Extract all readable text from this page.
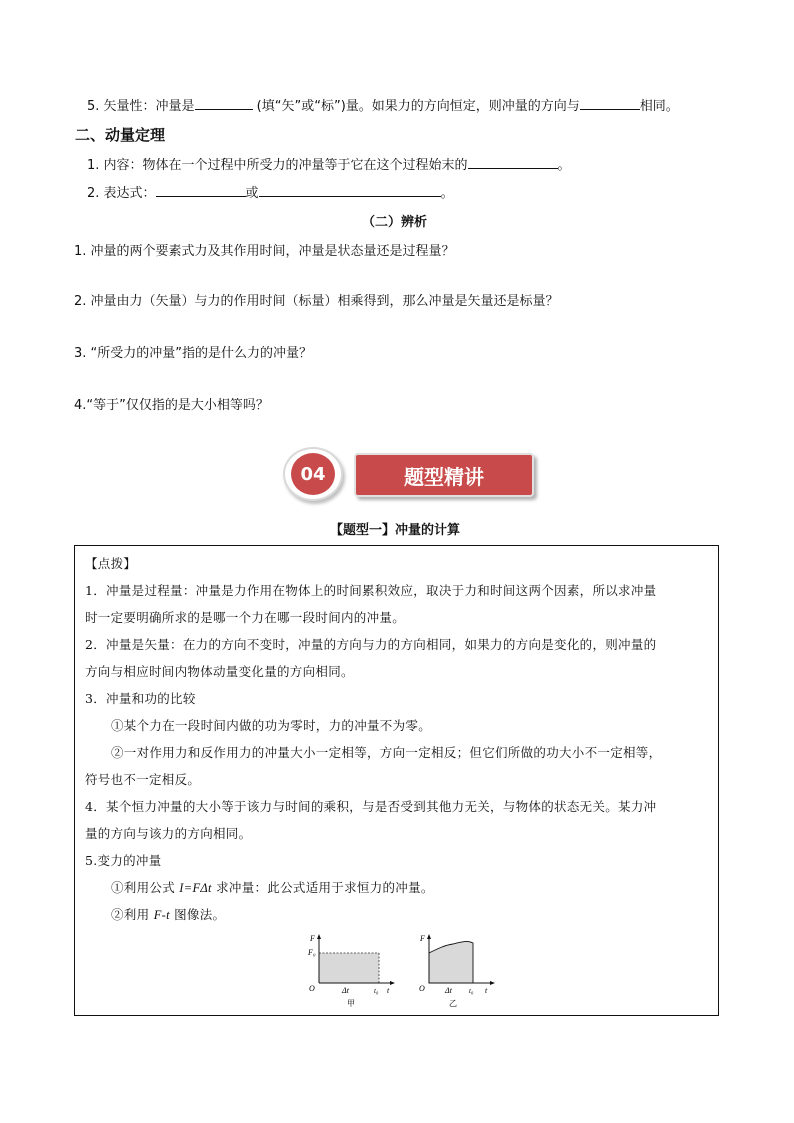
5. 矢量性：冲量是	(填“矢”或“标”)量。如果力的方向恒定，则冲量的方向与	相同。
二、动量定理
1. 内容：物体在一个过程中所受力的冲量等于它在这个过程始末的	。
2. 表达式：	或	。
（二）辨析
1. 冲量的两个要素式力及其作用时间，冲量是状态量还是过程量？
2. 冲量由力（矢量）与力的作用时间（标量）相乘得到，那么冲量是矢量还是标量？
3. “所受力的冲量”指的是什么力的冲量？
4.“等于”仅仅指的是大小相等吗？
04	题型精讲
【题型一】冲量的计算
【点拨】
1．冲量是过程量：冲量是力作用在物体上的时间累积效应，取决于力和时间这两个因素，所以求冲量
时一定要明确所求的是哪一个力在哪一段时间内的冲量。
2．冲量是矢量：在力的方向不变时，冲量的方向与力的方向相同，如果力的方向是变化的，则冲量的
方向与相应时间内物体动量变化量的方向相同。
3．冲量和功的比较
①某个力在一段时间内做的功为零时，力的冲量不为零。
②一对作用力和反作用力的冲量大小一定相等，方向一定相反；但它们所做的功大小不一定相等，
符号也不一定相反。
4．某个恒力冲量的大小等于该力与时间的乘积，与是否受到其他力无关，与物体的状态无关。某力冲
量的方向与该力的方向相同。
5.变力的冲量
①利用公式 I=FΔt 求冲量：此公式适用于求恒力的冲量。
②利用 F-t 图像法。
F
F₀
O	Δt	t₀ t
甲
F
O	Δt t₀ t
乙
